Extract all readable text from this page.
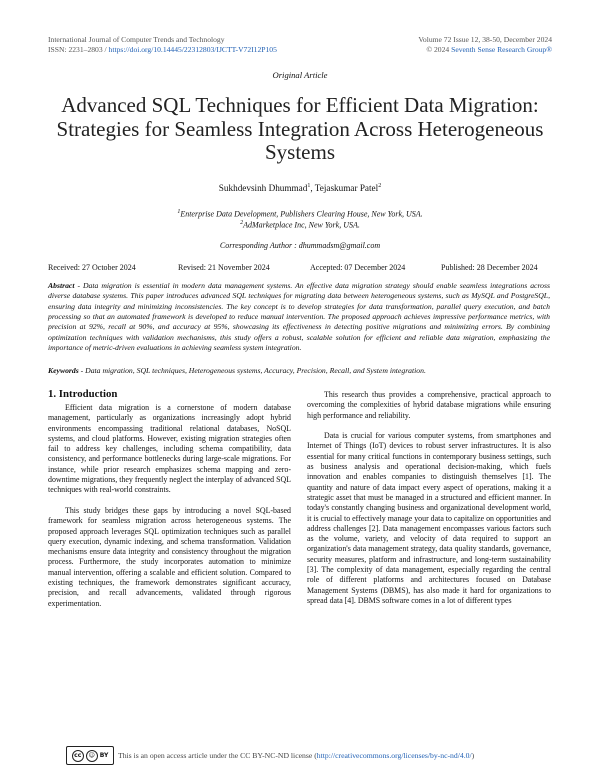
International Journal of Computer Trends and Technology
ISSN: 2231–2803 / https://doi.org/10.14445/22312803/IJCTT-V72I12P105
Volume 72 Issue 12, 38-50, December 2024
© 2024 Seventh Sense Research Group®
Original Article
Advanced SQL Techniques for Efficient Data Migration: Strategies for Seamless Integration Across Heterogeneous Systems
Sukhdevsinh Dhummad$^1$, Tejaskumar Patel$^2$
$^1$Enterprise Data Development, Publishers Clearing House, New York, USA.
$^2$AdMarketplace Inc, New York, USA.
Corresponding Author : dhummadsm@gmail.com
Received: 27 October 2024	Revised: 21 November 2024	Accepted: 07 December 2024	Published: 28 December 2024
Abstract - Data migration is essential in modern data management systems. An effective data migration strategy should enable seamless integrations across diverse database systems. This paper introduces advanced SQL techniques for migrating data between heterogeneous systems, such as MySQL and PostgreSQL, ensuring data integrity and minimizing inconsistencies. The key concept is to develop strategies for data transformation, parallel query execution, and batch processing so that an automated framework is developed to reduce manual intervention. The proposed approach achieves impressive performance metrics, with precision at 92%, recall at 90%, and accuracy at 95%, showcasing its effectiveness in detecting positive migrations and minimizing errors. By combining optimization techniques with validation mechanisms, this study offers a robust, scalable solution for efficient and reliable data migration, emphasizing the importance of metric-driven evaluations in achieving seamless system integration.
Keywords - Data migration, SQL techniques, Heterogeneous systems, Accuracy, Precision, Recall, and System integration.
1. Introduction

Efficient data migration is a cornerstone of modern database management, particularly as organizations increasingly adopt hybrid environments encompassing traditional relational databases, NoSQL systems, and cloud platforms. However, existing migration strategies often fail to address key challenges, including schema compatibility, data consistency, and performance bottlenecks during large-scale migrations. For instance, while prior research emphasizes schema mapping and zero-downtime migrations, they frequently neglect the interplay of advanced SQL techniques with real-world constraints.

This study bridges these gaps by introducing a novel SQL-based framework for seamless migration across heterogeneous systems. The proposed approach leverages SQL optimization techniques such as parallel query execution, dynamic indexing, and schema transformation. Validation mechanisms ensure data integrity and consistency throughout the migration process. Furthermore, the study incorporates automation to minimize manual intervention, offering a scalable and efficient solution. Compared to existing techniques, the framework demonstrates significant accuracy, precision, and recall advancements, validated through rigorous experimentation.

This research thus provides a comprehensive, practical approach to overcoming the complexities of hybrid database migrations while ensuring high performance and reliability.

Data is crucial for various computer systems, from smartphones and Internet of Things (IoT) devices to robust server infrastructures. It is also essential for many critical functions in contemporary business settings, such as business analysis and operational decision-making, which fuels innovation and enables companies to distinguish themselves [1]. The quantity and nature of data impact every aspect of operations, making it a strategic asset that must be managed in a structured and efficient manner. In today's constantly changing business and organizational development world, it is crucial to effectively manage your data to capitalize on opportunities and address challenges [2]. Data management encompasses various factors such as the volume, variety, and velocity of data required to support an organization's data management strategy, data quality standards, governance, security measures, platform and infrastructure, and long-term sustainability [3]. The complexity of data management, especially regarding the central role of different platforms and architectures focused on Database Management Systems (DBMS), has also made it hard for organizations to spread data [4]. DBMS software comes in a lot of different types

cc	☺ BY This is an open access article under the CC BY-NC-ND license (http://creativecommons.org/licenses/by-nc-nd/4.0/)
